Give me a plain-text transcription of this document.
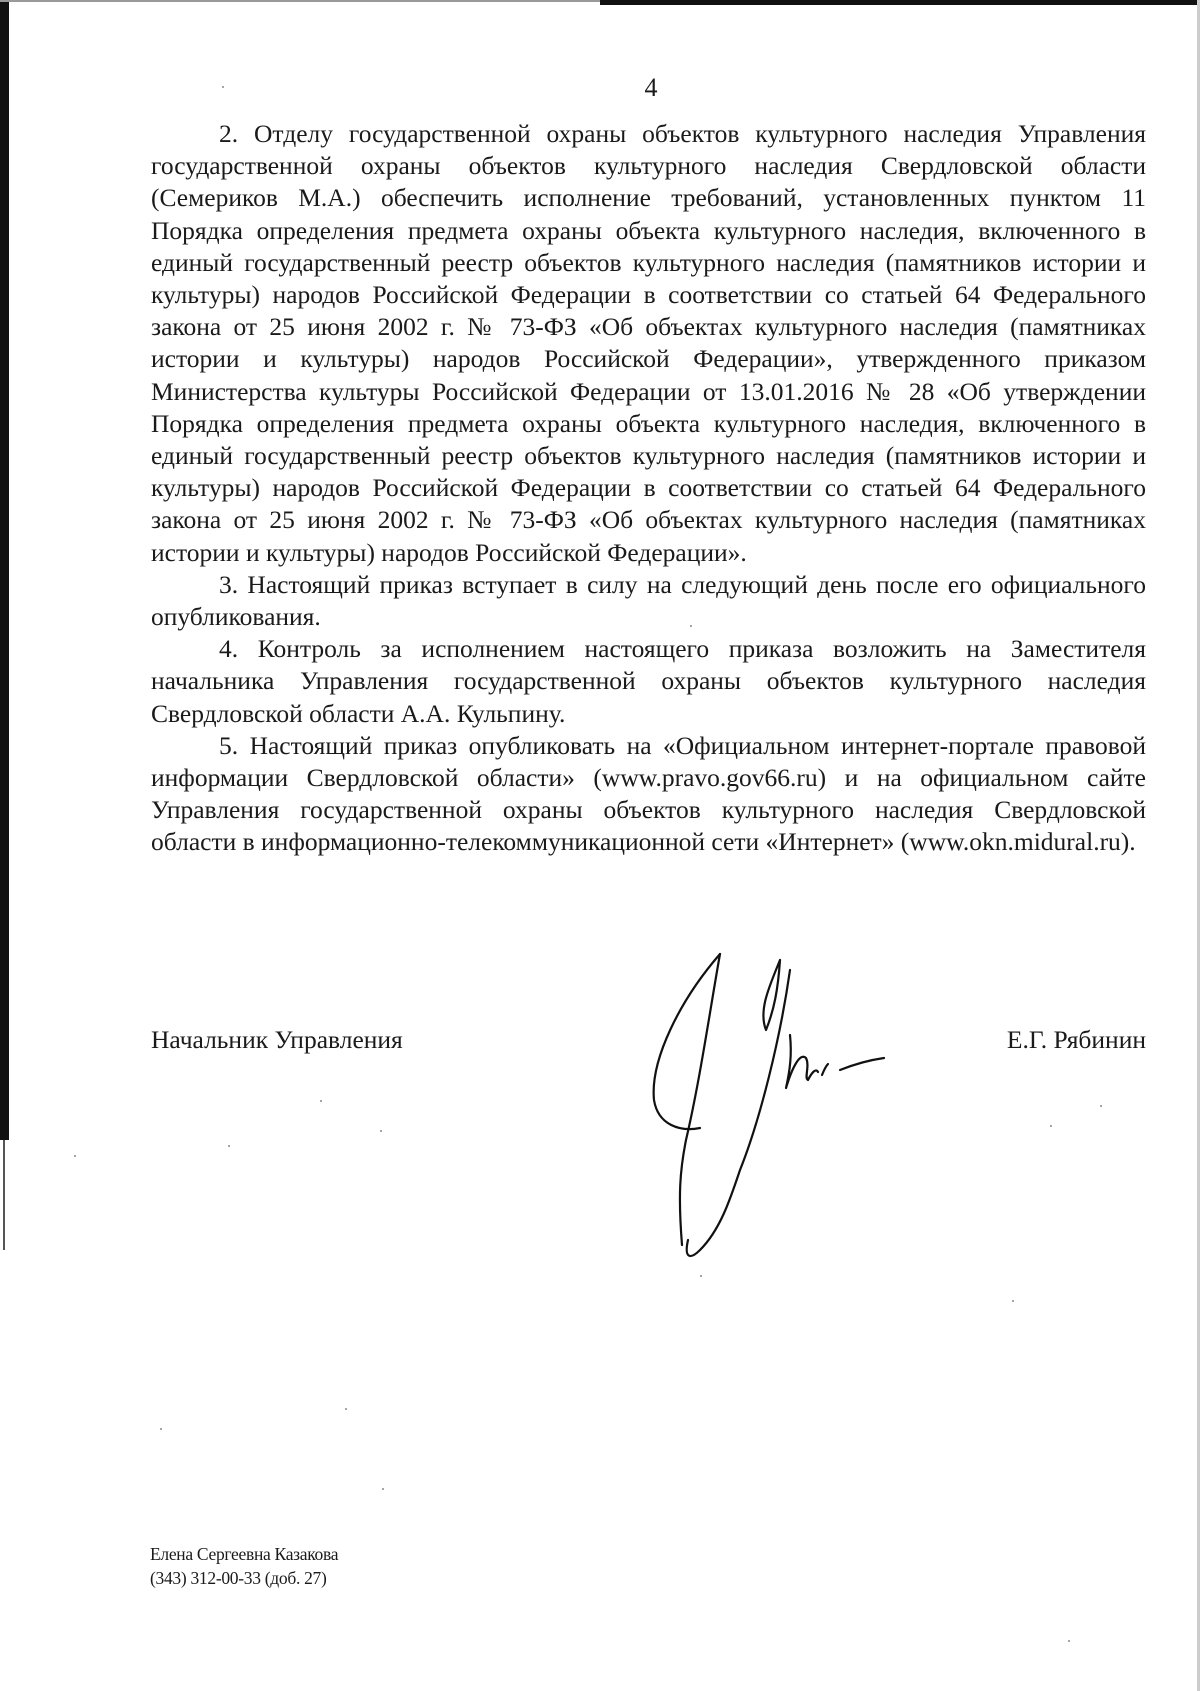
4

2. Отделу государственной охраны объектов культурного наследия Управления государственной охраны объектов культурного наследия Свердловской области (Семериков М.А.) обеспечить исполнение требований, установленных пунктом 11 Порядка определения предмета охраны объекта культурного наследия, включенного в единый государственный реестр объектов культурного наследия (памятников истории и культуры) народов Российской Федерации в соответствии со статьей 64 Федерального закона от 25 июня 2002 г. № 73-ФЗ «Об объектах культурного наследия (памятниках истории и культуры) народов Российской Федерации», утвержденного приказом Министерства культуры Российской Федерации от 13.01.2016 № 28 «Об утверждении Порядка определения предмета охраны объекта культурного наследия, включенного в единый государственный реестр объектов культурного наследия (памятников истории и культуры) народов Российской Федерации в соответствии со статьей 64 Федерального закона от 25 июня 2002 г. № 73-ФЗ «Об объектах культурного наследия (памятниках истории и культуры) народов Российской Федерации».

3. Настоящий приказ вступает в силу на следующий день после его официального опубликования.

4. Контроль за исполнением настоящего приказа возложить на Заместителя начальника Управления государственной охраны объектов культурного наследия Свердловской области А.А. Кульпину.

5. Настоящий приказ опубликовать на «Официальном интернет-портале правовой информации Свердловской области» (www.pravo.gov66.ru) и на официальном сайте Управления государственной охраны объектов культурного наследия Свердловской области в информационно-телекоммуникационной сети «Интернет» (www.okn.midural.ru).

Начальник Управления	Е.Г. Рябинин
Елена Сергеевна Казакова
(343) 312-00-33 (доб. 27)
